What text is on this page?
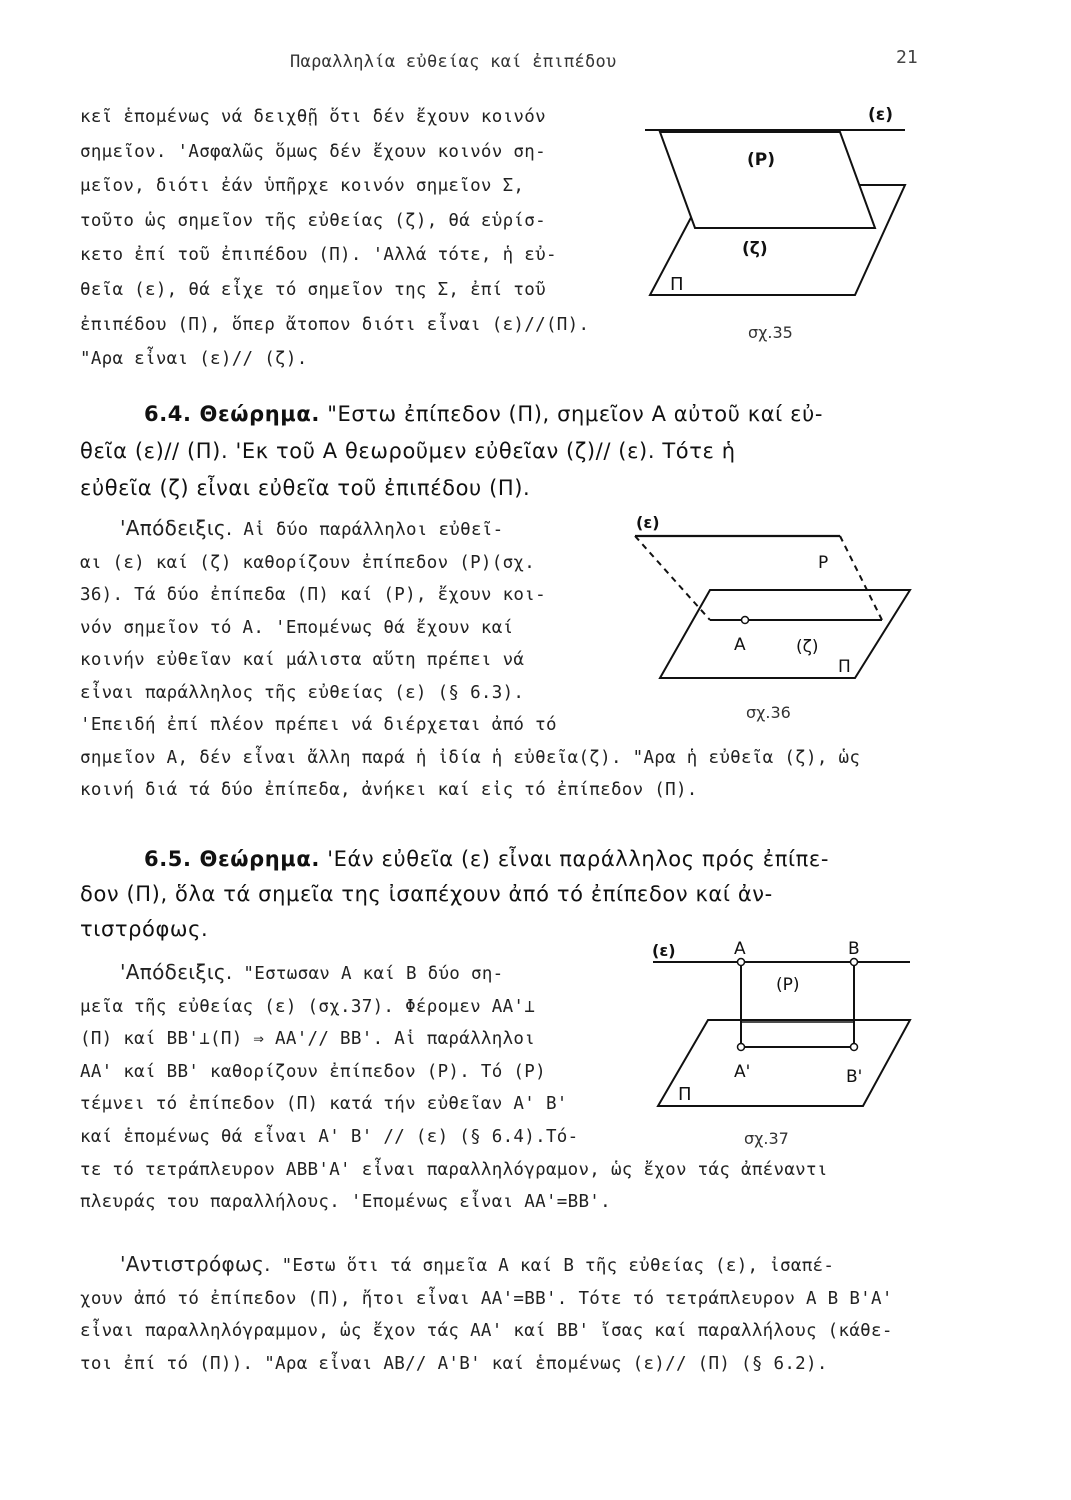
Παραλληλία εὐθείας καί ἐπιπέδου	21
κεῖ ἑπομένως νά δειχθῇ ὅτι δέν ἔχουν κοινόν
σημεῖον. 'Ασφαλῶς ὅμως δέν ἔχουν κοινόν ση-
μεῖον, διότι ἐάν ὑπῆρχε κοινόν σημεῖον Σ,
τοῦτο ὡς σημεῖον τῆς εὐθείας (ζ), θά εὑρίσ-
κετο ἐπί τοῦ ἐπιπέδου (Π). 'Αλλά τότε, ἡ εὐ-
θεῖα (ε), θά εἶχε τό σημεῖον της Σ, ἐπί τοῦ
ἐπιπέδου (Π), ὅπερ ἄτοπον διότι εἶναι (ε)//(Π).
"Αρα εἶναι (ε)// (ζ).
(ε)
(Ρ)
(ζ)
Π
σχ.35
6.4. Θεώρημα. "Εστω ἐπίπεδον (Π), σημεῖον Α αὐτοῦ καί εὐ-
θεῖα (ε)// (Π). 'Εκ τοῦ Α θεωροῦμεν εὐθεῖαν (ζ)// (ε). Τότε ἡ
εὐθεῖα (ζ) εἶναι εὐθεῖα τοῦ ἐπιπέδου (Π).
'Απόδειξις. Αἱ δύο παράλληλοι εὐθεῖ-
αι (ε) καί (ζ) καθορίζουν ἐπίπεδον (Ρ)(σχ.
36). Τά δύο ἐπίπεδα (Π) καί (Ρ), ἔχουν κοι-
νόν σημεῖον τό Α. 'Επομένως θά ἔχουν καί
κοινήν εὐθεῖαν καί μάλιστα αὕτη πρέπει νά
εἶναι παράλληλος τῆς εὐθείας (ε) (§ 6.3).
'Επειδή ἐπί πλέον πρέπει νά διέρχεται ἀπό τό
σημεῖον Α, δέν εἶναι ἄλλη παρά ἡ ἰδία ἡ εὐθεῖα(ζ). "Αρα ἡ εὐθεῖα (ζ), ὡς
κοινή διά τά δύο ἐπίπεδα, ἀνήκει καί εἰς τό ἐπίπεδον (Π).
(ε)
Ρ
Α	(ζ)
Π
σχ.36
6.5. Θεώρημα. 'Εάν εὐθεῖα (ε) εἶναι παράλληλος πρός ἐπίπε-
δον (Π), ὅλα τά σημεῖα της ἰσαπέχουν ἀπό τό ἐπίπεδον καί ἀν-
τιστρόφως.
'Απόδειξις. "Εστωσαν Α καί Β δύο ση-
μεῖα τῆς εὐθείας (ε) (σχ.37). Φέρομεν ΑΑ'⊥
(Π) καί ΒΒ'⊥(Π) ⇒ ΑΑ'// ΒΒ'. Αἱ παράλληλοι
ΑΑ' καί ΒΒ' καθορίζουν ἐπίπεδον (Ρ). Τό (Ρ)
τέμνει τό ἐπίπεδον (Π) κατά τήν εὐθεῖαν Α' Β'
καί ἑπομένως θά εἶναι Α' Β' // (ε) (§ 6.4).Τό-
τε τό τετράπλευρον ΑΒΒ'Α' εἶναι παραλληλόγραμον, ὡς ἔχον τάς ἀπέναντι
πλευράς του παραλλήλους. 'Επομένως εἶναι ΑΑ'=ΒΒ'.
'Αντιστρόφως. "Εστω ὅτι τά σημεῖα Α καί Β τῆς εὐθείας (ε), ἰσαπέ-
χουν ἀπό τό ἐπίπεδον (Π), ἤτοι εἶναι ΑΑ'=ΒΒ'. Τότε τό τετράπλευρον Α Β Β'Α'
εἶναι παραλληλόγραμμον, ὡς ἔχον τάς ΑΑ' καί ΒΒ' ἴσας καί παραλλήλους (κάθε-
τοι ἐπί τό (Π)). "Αρα εἶναι ΑΒ// Α'Β' καί ἑπομένως (ε)// (Π) (§ 6.2).
(ε)	Α	Β
(Ρ)
Α'	Β'
Π
σχ.37
